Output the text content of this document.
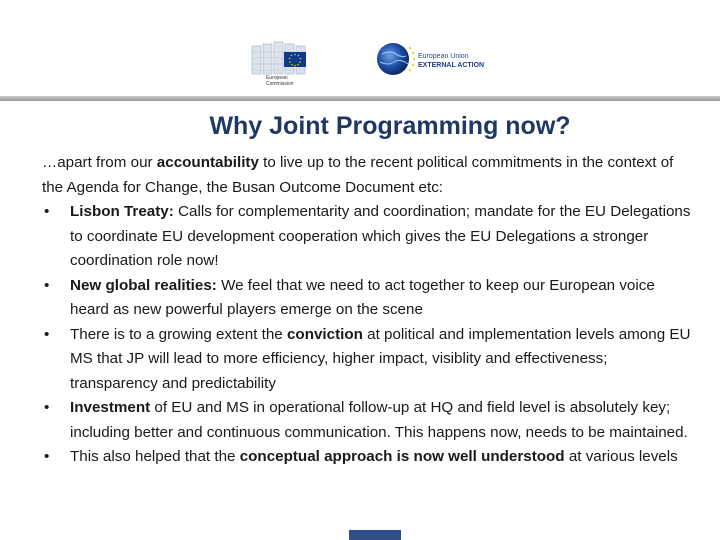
European
Commission
European Union
EXTERNAL ACTION
Why Joint Programming now?

…apart from our accountability to live up to the recent political commitments in the context of the Agenda for Change, the Busan Outcome Document etc:

• Lisbon Treaty: Calls for complementarity and coordination; mandate for the EU Delegations to coordinate EU development cooperation which gives the EU Delegations a stronger coordination role now!
• New global realities: We feel that we need to act together to keep our European voice heard as new powerful players emerge on the scene
• There is to a growing extent the conviction at political and implementation levels among EU MS that JP will lead to more efficiency, higher impact, visiblity and effectiveness; transparency and predictability
• Investment of EU and MS in operational follow-up at HQ and field level is absolutely key; including better and continuous communication. This happens now, needs to be maintained.
• This also helped that the conceptual approach is now well understood at various levels
